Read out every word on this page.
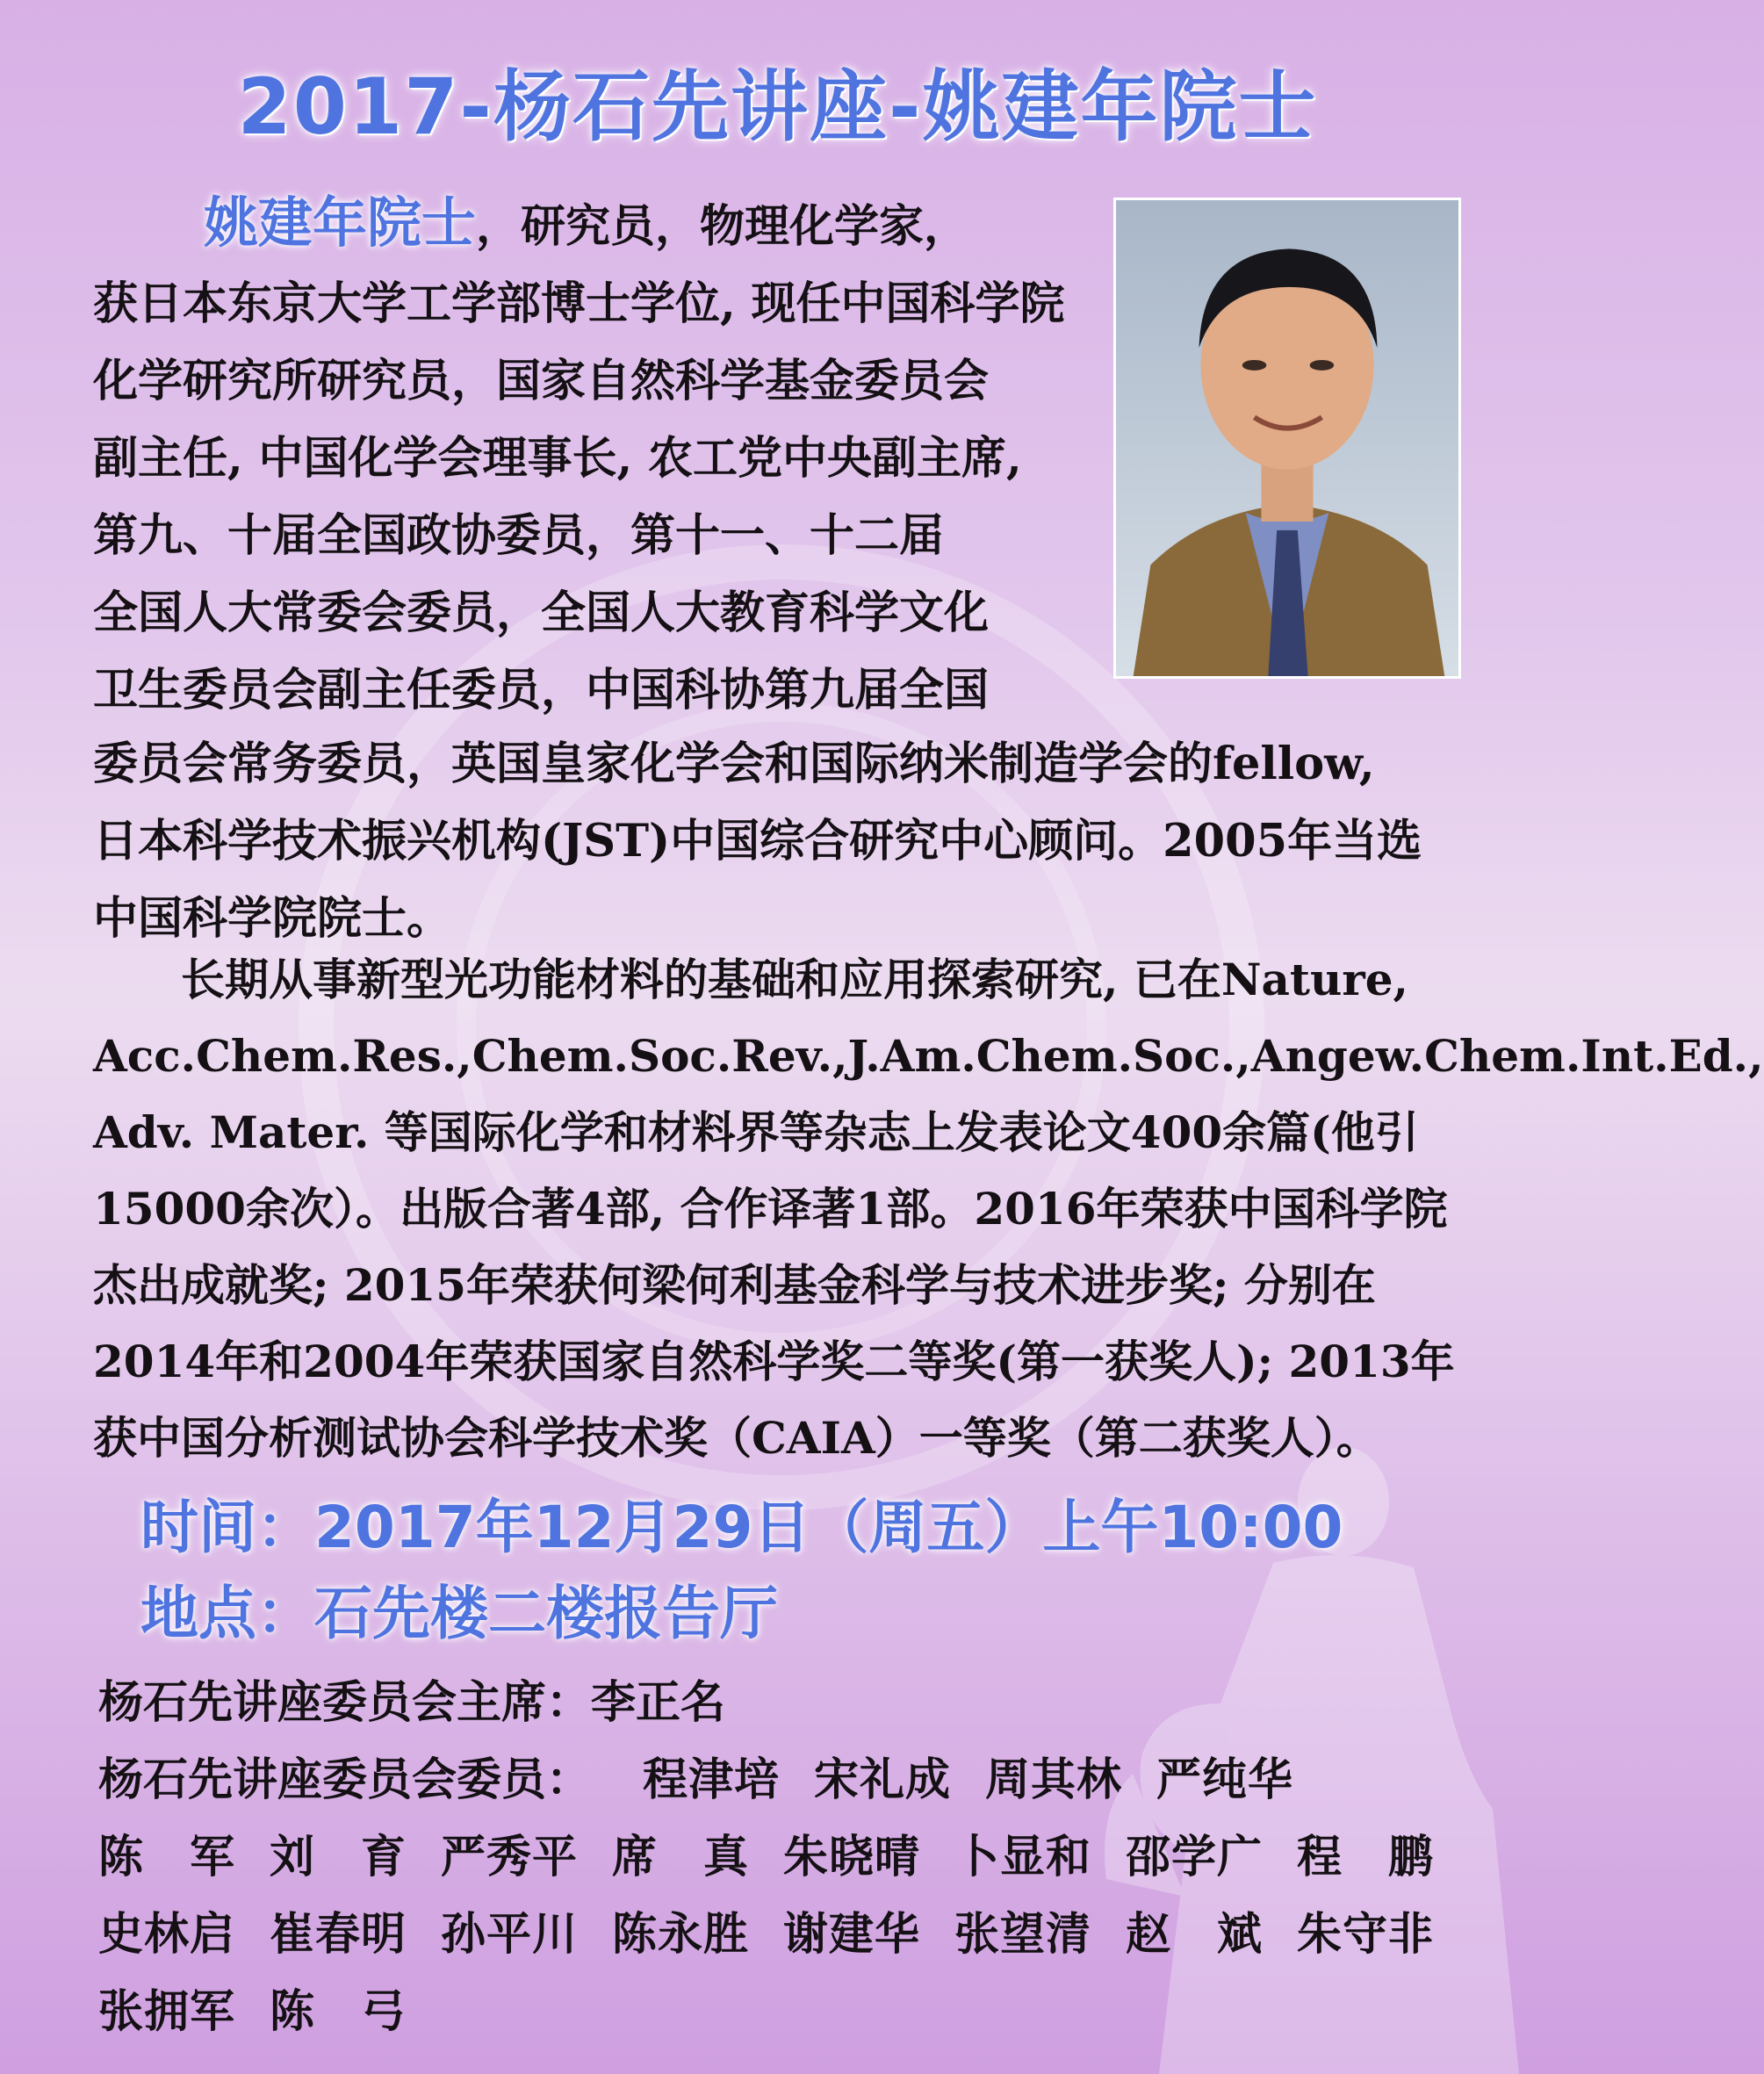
2017-杨石先讲座-姚建年院士
姚建年院士，研究员，物理化学家，
获日本东京大学工学部博士学位, 现任中国科学院
化学研究所研究员，国家自然科学基金委员会
副主任, 中国化学会理事长, 农工党中央副主席,
第九、十届全国政协委员，第十一、十二届
全国人大常委会委员，全国人大教育科学文化
卫生委员会副主任委员，中国科协第九届全国
委员会常务委员，英国皇家化学会和国际纳米制造学会的fellow,
日本科学技术振兴机构(JST)中国综合研究中心顾问。2005年当选
中国科学院院士。
　　长期从事新型光功能材料的基础和应用探索研究, 已在Nature,
Acc.Chem.Res.,Chem.Soc.Rev.,J.Am.Chem.Soc.,Angew.Chem.Int.Ed.,
Adv. Mater. 等国际化学和材料界等杂志上发表论文400余篇(他引
15000余次）。出版合著4部, 合作译著1部。2016年荣获中国科学院
杰出成就奖; 2015年荣获何梁何利基金科学与技术进步奖; 分别在
2014年和2004年荣获国家自然科学奖二等奖(第一获奖人); 2013年
获中国分析测试协会科学技术奖（CAIA）一等奖（第二获奖人）。
时间：2017年12月29日（周五）上午10:00
地点：石先楼二楼报告厅
杨石先讲座委员会主席：李正名
杨石先讲座委员会委员：	程津培 宋礼成 周其林 严纯华
陈　军 刘　育 严秀平 席　真 朱晓晴 卜显和 邵学广 程　鹏
史林启 崔春明 孙平川 陈永胜 谢建华 张望清 赵　斌 朱守非
张拥军 陈　弓
